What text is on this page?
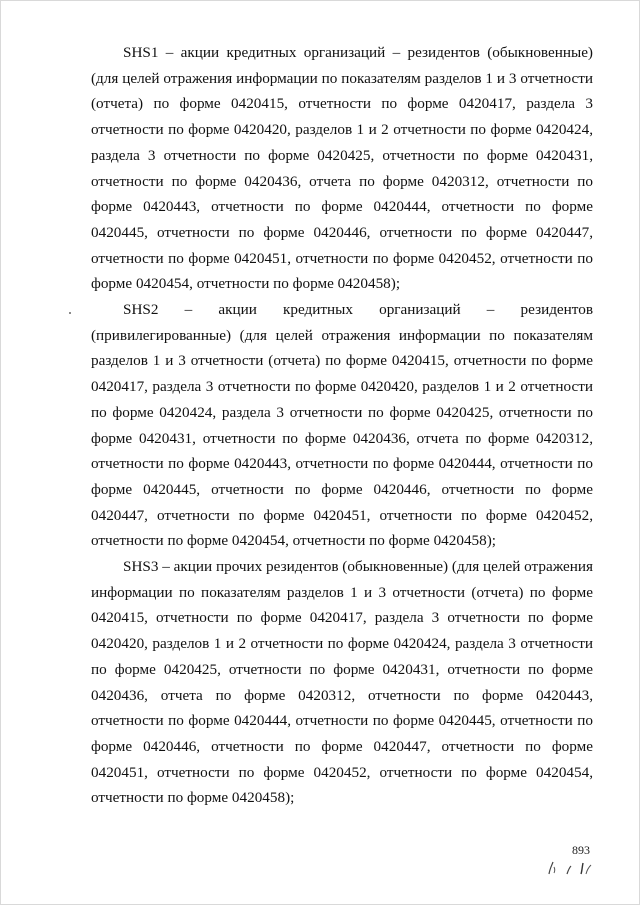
SHS1 – акции кредитных организаций – резидентов (обыкновенные) (для целей отражения информации по показателям разделов 1 и 3 отчетности (отчета) по форме 0420415, отчетности по форме 0420417, раздела 3 отчетности по форме 0420420, разделов 1 и 2 отчетности по форме 0420424, раздела 3 отчетности по форме 0420425, отчетности по форме 0420431, отчетности по форме 0420436, отчета по форме 0420312, отчетности по форме 0420443, отчетности по форме 0420444, отчетности по форме 0420445, отчетности по форме 0420446, отчетности по форме 0420447, отчетности по форме 0420451, отчетности по форме 0420452, отчетности по форме 0420454, отчетности по форме 0420458);

SHS2 – акции кредитных организаций – резидентов (привилегированные) (для целей отражения информации по показателям разделов 1 и 3 отчетности (отчета) по форме 0420415, отчетности по форме 0420417, раздела 3 отчетности по форме 0420420, разделов 1 и 2 отчетности по форме 0420424, раздела 3 отчетности по форме 0420425, отчетности по форме 0420431, отчетности по форме 0420436, отчета по форме 0420312, отчетности по форме 0420443, отчетности по форме 0420444, отчетности по форме 0420445, отчетности по форме 0420446, отчетности по форме 0420447, отчетности по форме 0420451, отчетности по форме 0420452, отчетности по форме 0420454, отчетности по форме 0420458);

SHS3 – акции прочих резидентов (обыкновенные) (для целей отражения информации по показателям разделов 1 и 3 отчетности (отчета) по форме 0420415, отчетности по форме 0420417, раздела 3 отчетности по форме 0420420, разделов 1 и 2 отчетности по форме 0420424, раздела 3 отчетности по форме 0420425, отчетности по форме 0420431, отчетности по форме 0420436, отчета по форме 0420312, отчетности по форме 0420443, отчетности по форме 0420444, отчетности по форме 0420445, отчетности по форме 0420446, отчетности по форме 0420447, отчетности по форме 0420451, отчетности по форме 0420452, отчетности по форме 0420454, отчетности по форме 0420458);

893
